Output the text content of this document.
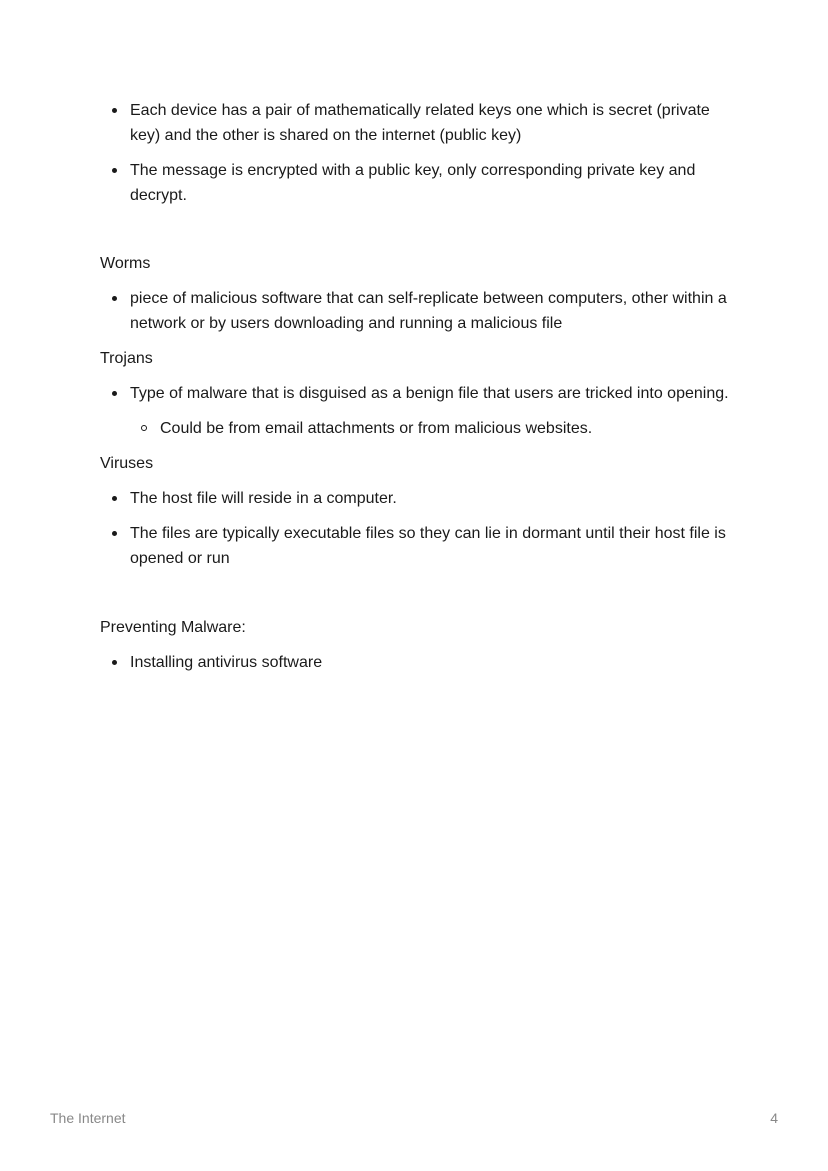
Each device has a pair of mathematically related keys one which is secret (private key) and the other is shared on the internet (public key)
The message is encrypted with a public key, only corresponding private key and decrypt.

Worms

piece of malicious software that can self-replicate between computers, other within a network or by users downloading and running a malicious file

Trojans

Type of malware that is disguised as a benign file that users are tricked into opening.
Could be from email attachments or from malicious websites.

Viruses

The host file will reside in a computer.
The files are typically executable files so they can lie in dormant until their host file is opened or run

Preventing Malware:

Installing antivirus software
The Internet	4
